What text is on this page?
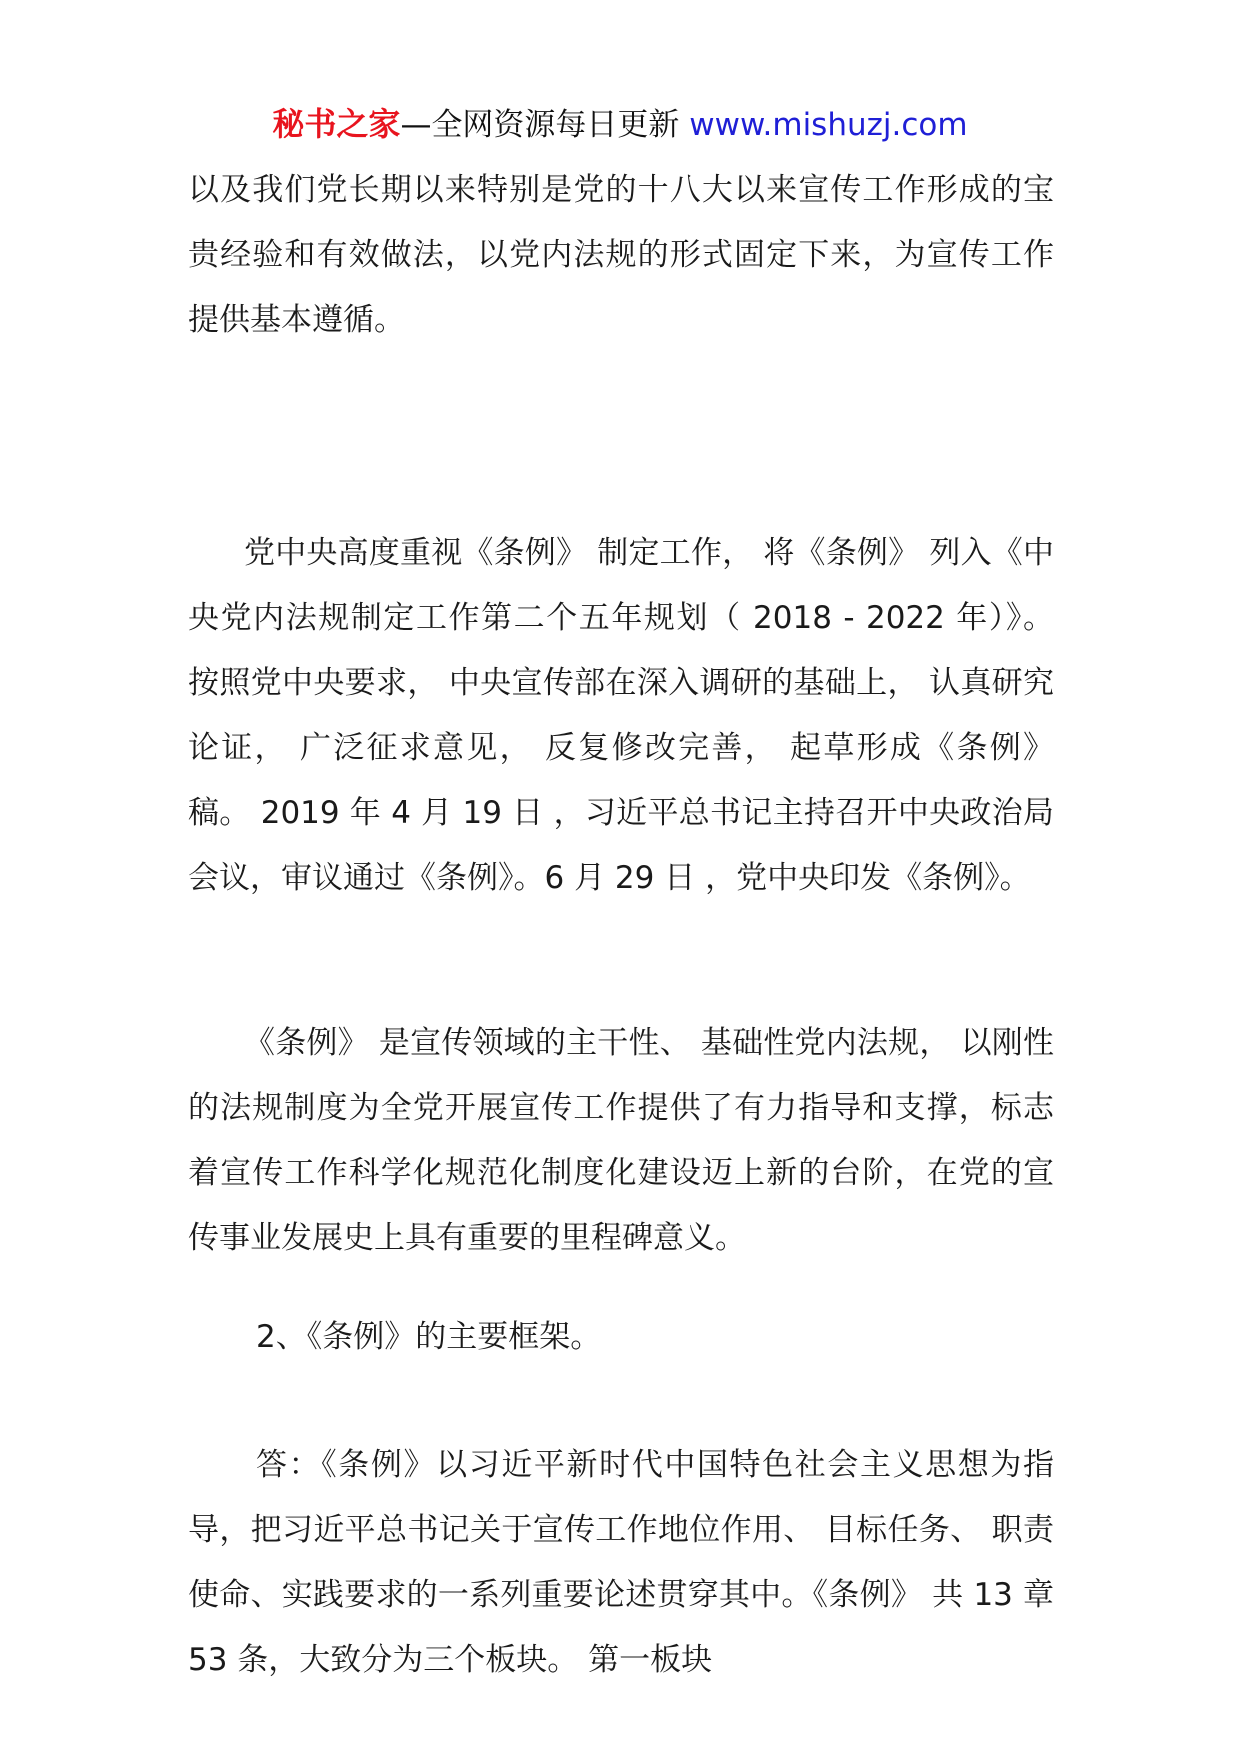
秘书之家—全网资源每日更新 www.mishuzj.com

以及我们党长期以来特别是党的十八大以来宣传工作形成的宝贵经验和有效做法，以党内法规的形式固定下来，为宣传工作提供基本遵循。

党中央高度重视《条例》 制定工作， 将《条例》 列入《中央党内法规制定工作第二个五年规划（ 2018 - 2022 年）》。 按照党中央要求， 中央宣传部在深入调研的基础上， 认真研究论证， 广泛征求意见， 反复修改完善， 起草形成《条例》 稿。 2019 年 4 月 19 日 ，习近平总书记主持召开中央政治局会议，审议通过《条例》。6 月 29 日 ，党中央印发《条例》。

《条例》 是宣传领域的主干性、 基础性党内法规， 以刚性的法规制度为全党开展宣传工作提供了有力指导和支撑，标志着宣传工作科学化规范化制度化建设迈上新的台阶，在党的宣传事业发展史上具有重要的里程碑意义。

2、《条例》的主要框架。

答：《条例》以习近平新时代中国特色社会主义思想为指导，把习近平总书记关于宣传工作地位作用、 目标任务、 职责使命、实践要求的一系列重要论述贯穿其中。《条例》 共 13 章 53 条，大致分为三个板块。 第一板块
